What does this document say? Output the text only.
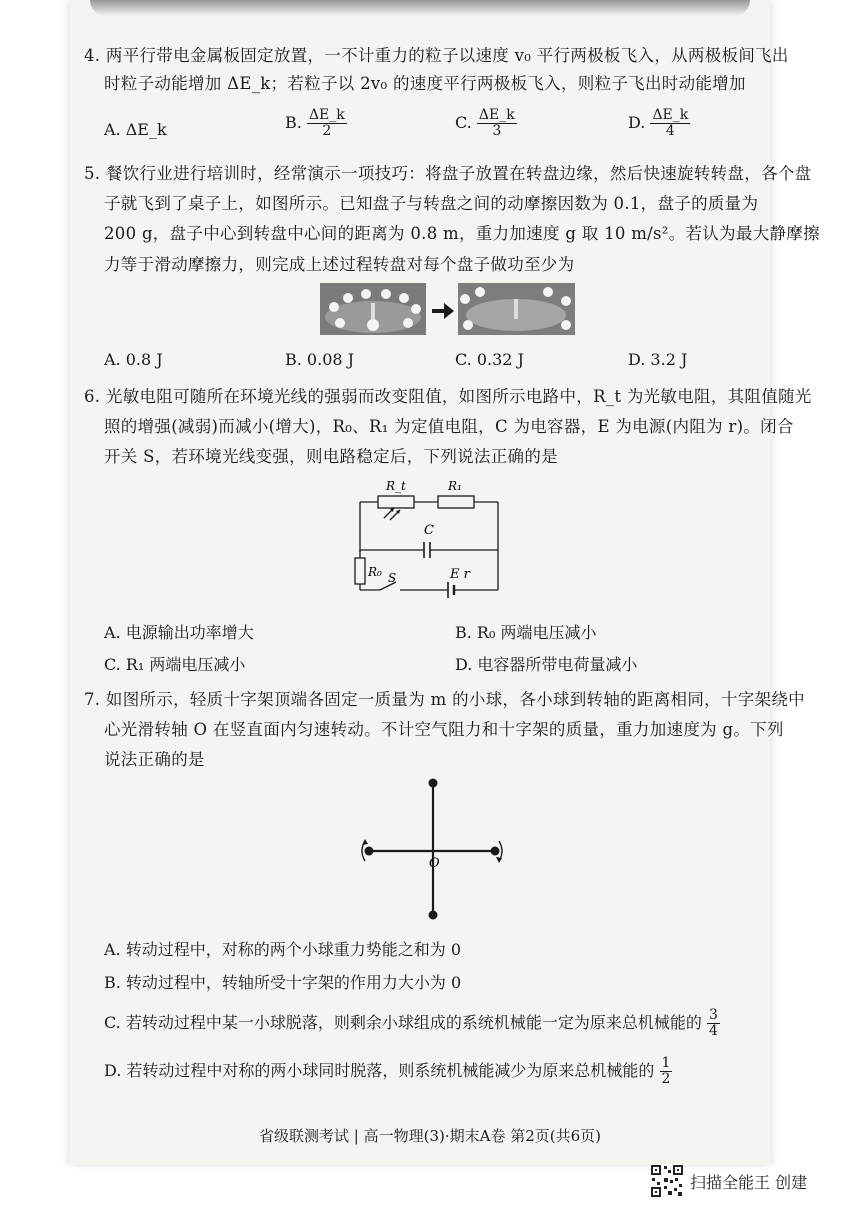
4. 两平行带电金属板固定放置，一不计重力的粒子以速度 v₀ 平行两极板飞入，从两极板间飞出
时粒子动能增加 ΔE_k；若粒子以 2v₀ 的速度平行两极板飞入，则粒子飞出时动能增加
A. ΔE_k	B. $\frac{\Delta E\_k}{2}$	C. $\frac{\Delta E\_k}{3}$	D. $\frac{\Delta E\_k}{4}$
5. 餐饮行业进行培训时，经常演示一项技巧：将盘子放置在转盘边缘，然后快速旋转转盘，各个盘
子就飞到了桌子上，如图所示。已知盘子与转盘之间的动摩擦因数为 0.1，盘子的质量为
200 g，盘子中心到转盘中心间的距离为 0.8 m，重力加速度 g 取 10 m/s²。若认为最大静摩擦
力等于滑动摩擦力，则完成上述过程转盘对每个盘子做功至少为
A. 0.8 J	B. 0.08 J	C. 0.32 J	D. 3.2 J
6. 光敏电阻可随所在环境光线的强弱而改变阻值，如图所示电路中，R_t 为光敏电阻，其阻值随光
照的增强(减弱)而减小(增大)，R₀、R₁ 为定值电阻，C 为电容器，E 为电源(内阻为 r)。闭合
开关 S，若环境光线变强，则电路稳定后，下列说法正确的是
R_t	R₁
C
R₀ S	E r
A. 电源输出功率增大	B. R₀ 两端电压减小
C. R₁ 两端电压减小	D. 电容器所带电荷量减小
7. 如图所示，轻质十字架顶端各固定一质量为 m 的小球，各小球到转轴的距离相同，十字架绕中
心光滑转轴 O 在竖直面内匀速转动。不计空气阻力和十字架的质量，重力加速度为 g。下列
说法正确的是
O
A. 转动过程中，对称的两个小球重力势能之和为 0
B. 转动过程中，转轴所受十字架的作用力大小为 0
C. 若转动过程中某一小球脱落，则剩余小球组成的系统机械能一定为原来总机械能的 $\frac{3}{4}$
D. 若转动过程中对称的两小球同时脱落，则系统机械能减少为原来总机械能的 $\frac{1}{2}$
省级联测考试 | 高一物理(3)·期末A卷 第2页(共6页)
扫描全能王 创建
